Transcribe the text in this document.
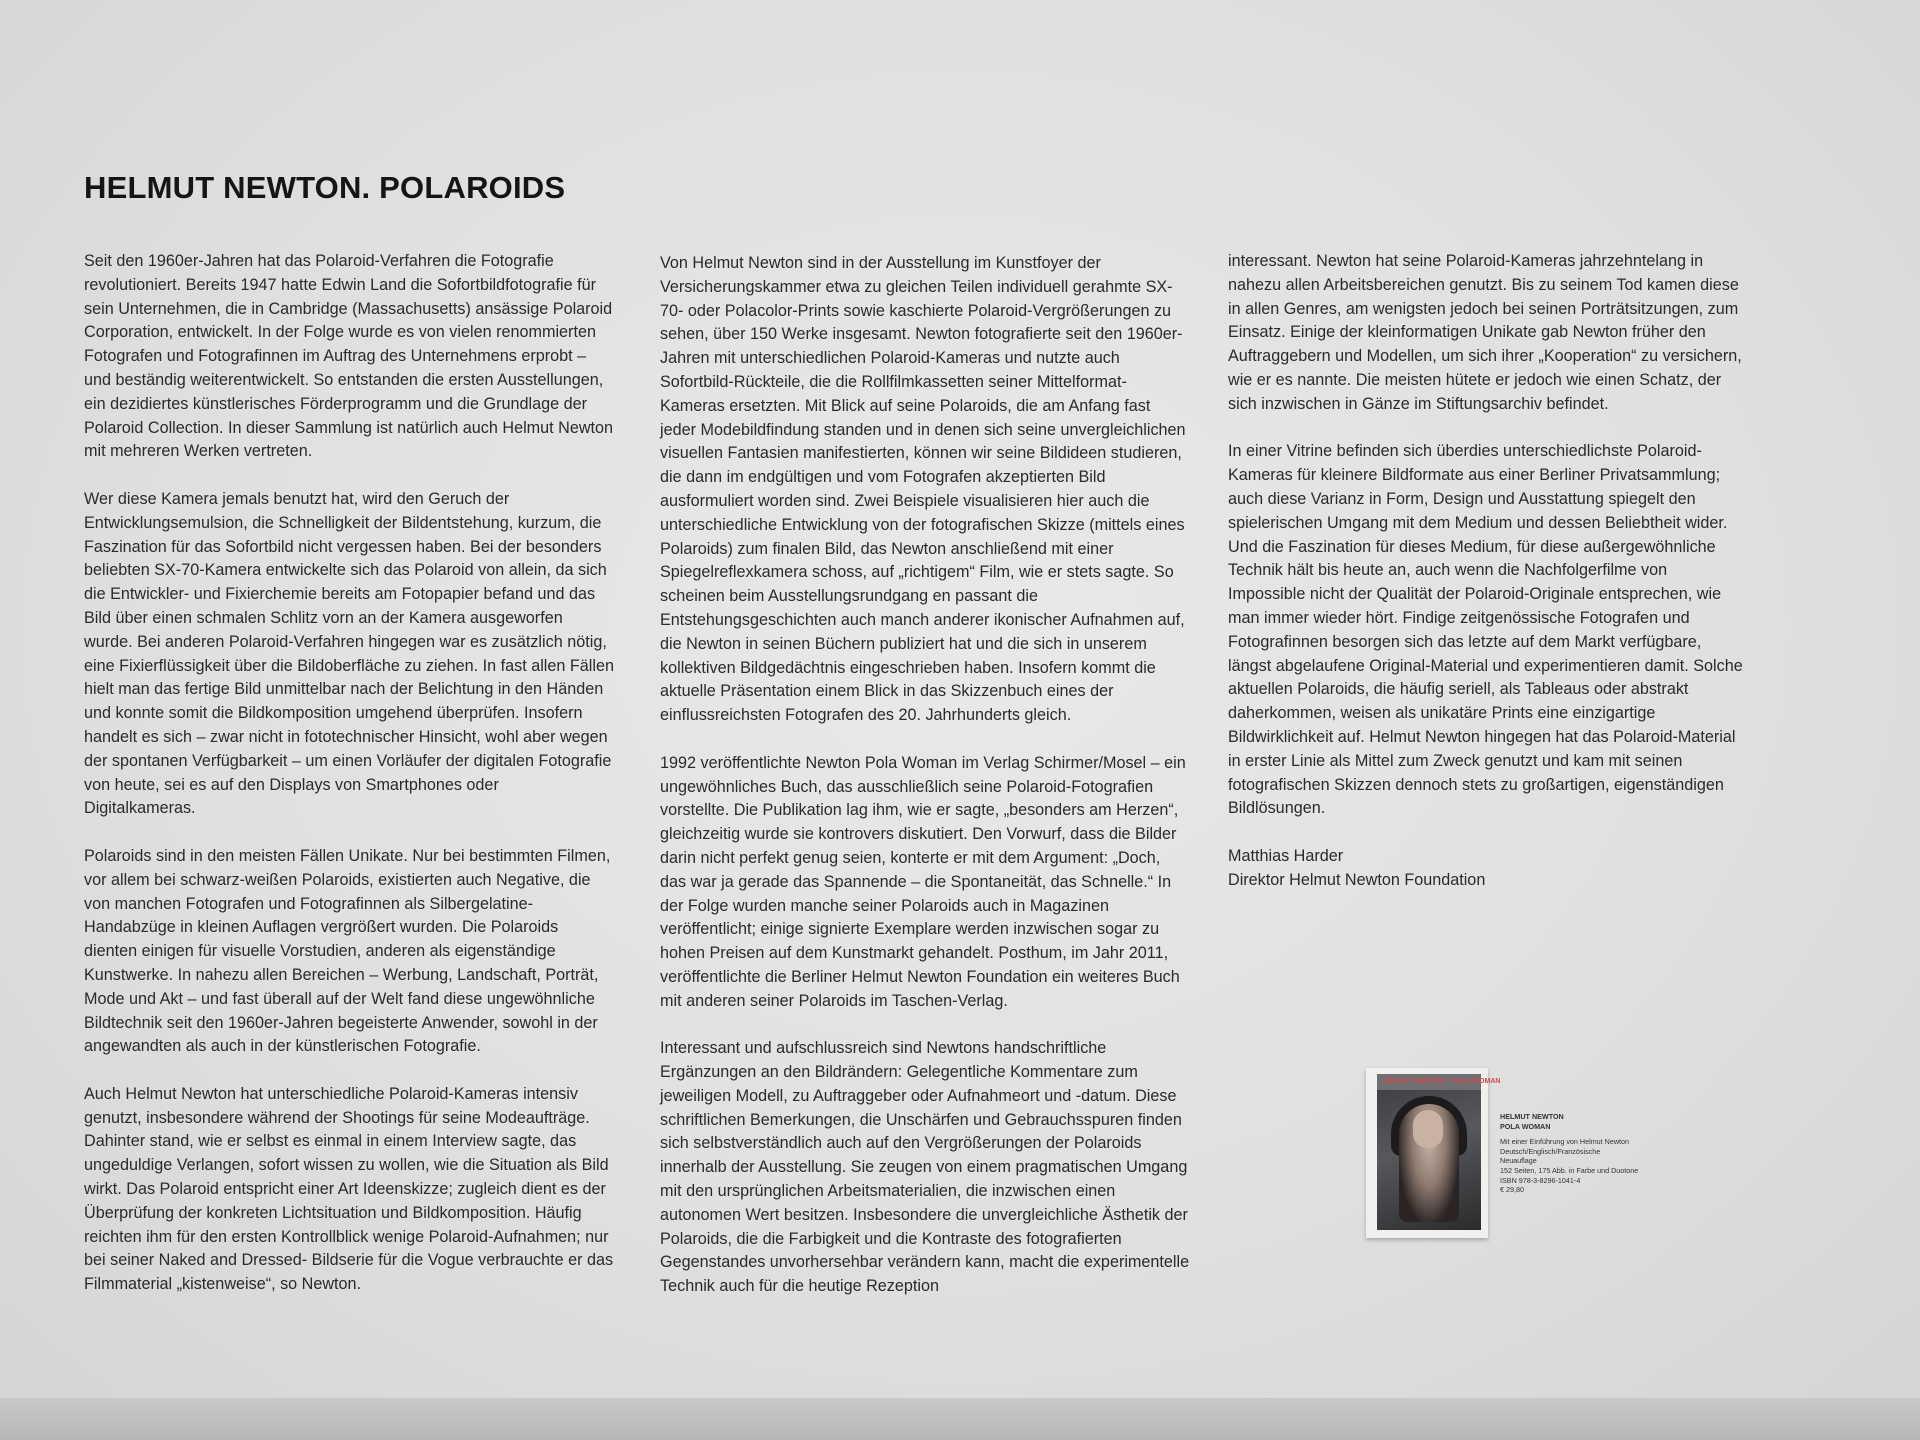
HELMUT NEWTON. POLAROIDS

Seit den 1960er-Jahren hat das Polaroid-Verfahren die Fotografie revolutioniert. Bereits 1947 hatte Edwin Land die Sofortbildfotografie für sein Unternehmen, die in Cambridge (Massachusetts) ansässige Polaroid Corporation, entwickelt. In der Folge wurde es von vielen renommierten Fotografen und Fotografinnen im Auftrag des Unternehmens erprobt – und beständig weiterentwickelt. So entstanden die ersten Ausstellungen, ein dezidiertes künstlerisches Förderprogramm und die Grundlage der Polaroid Collection. In dieser Sammlung ist natürlich auch Helmut Newton mit mehreren Werken vertreten.

Wer diese Kamera jemals benutzt hat, wird den Geruch der Entwicklungsemulsion, die Schnelligkeit der Bildentstehung, kurzum, die Faszination für das Sofortbild nicht vergessen haben. Bei der besonders beliebten SX-70-Kamera entwickelte sich das Polaroid von allein, da sich die Entwickler- und Fixierchemie bereits am Fotopapier befand und das Bild über einen schmalen Schlitz vorn an der Kamera ausgeworfen wurde. Bei anderen Polaroid-Verfahren hingegen war es zusätzlich nötig, eine Fixierflüssigkeit über die Bildoberfläche zu ziehen. In fast allen Fällen hielt man das fertige Bild unmittelbar nach der Belichtung in den Händen und konnte somit die Bildkomposition umgehend überprüfen. Insofern handelt es sich – zwar nicht in fototechnischer Hinsicht, wohl aber wegen der spontanen Verfügbarkeit – um einen Vorläufer der digitalen Fotografie von heute, sei es auf den Displays von Smartphones oder Digitalkameras.

Polaroids sind in den meisten Fällen Unikate. Nur bei bestimmten Filmen, vor allem bei schwarz-weißen Polaroids, existierten auch Negative, die von manchen Fotografen und Fotografinnen als Silbergelatine-Handabzüge in kleinen Auflagen vergrößert wurden. Die Polaroids dienten einigen für visuelle Vorstudien, anderen als eigenständige Kunstwerke. In nahezu allen Bereichen – Werbung, Landschaft, Porträt, Mode und Akt – und fast überall auf der Welt fand diese ungewöhnliche Bildtechnik seit den 1960er-Jahren begeisterte Anwender, sowohl in der angewandten als auch in der künstlerischen Fotografie.

Auch Helmut Newton hat unterschiedliche Polaroid-Kameras intensiv genutzt, insbesondere während der Shootings für seine Modeaufträge. Dahinter stand, wie er selbst es einmal in einem Interview sagte, das ungeduldige Verlangen, sofort wissen zu wollen, wie die Situation als Bild wirkt. Das Polaroid entspricht einer Art Ideenskizze; zugleich dient es der Überprüfung der konkreten Lichtsituation und Bildkomposition. Häufig reichten ihm für den ersten Kontrollblick wenige Polaroid-Aufnahmen; nur bei seiner Naked and Dressed- Bildserie für die Vogue verbrauchte er das Filmmaterial „kistenweise“, so Newton.

Von Helmut Newton sind in der Ausstellung im Kunstfoyer der Versicherungskammer etwa zu gleichen Teilen individuell gerahmte SX-70- oder Polacolor-Prints sowie kaschierte Polaroid-Vergrößerungen zu sehen, über 150 Werke insgesamt. Newton fotografierte seit den 1960er-Jahren mit unterschiedlichen Polaroid-Kameras und nutzte auch Sofortbild-Rückteile, die die Rollfilmkassetten seiner Mittelformat-Kameras ersetzten. Mit Blick auf seine Polaroids, die am Anfang fast jeder Modebildfindung standen und in denen sich seine unvergleichlichen visuellen Fantasien manifestierten, können wir seine Bildideen studieren, die dann im endgültigen und vom Fotografen akzeptierten Bild ausformuliert worden sind. Zwei Beispiele visualisieren hier auch die unterschiedliche Entwicklung von der fotografischen Skizze (mittels eines Polaroids) zum finalen Bild, das Newton anschließend mit einer Spiegelreflexkamera schoss, auf „richtigem“ Film, wie er stets sagte. So scheinen beim Ausstellungsrundgang en passant die Entstehungsgeschichten auch manch anderer ikonischer Aufnahmen auf, die Newton in seinen Büchern publiziert hat und die sich in unserem kollektiven Bildgedächtnis eingeschrieben haben. Insofern kommt die aktuelle Präsentation einem Blick in das Skizzenbuch eines der einflussreichsten Fotografen des 20. Jahrhunderts gleich.

1992 veröffentlichte Newton Pola Woman im Verlag Schirmer/Mosel – ein ungewöhnliches Buch, das ausschließlich seine Polaroid-Fotografien vorstellte. Die Publikation lag ihm, wie er sagte, „besonders am Herzen“, gleichzeitig wurde sie kontrovers diskutiert. Den Vorwurf, dass die Bilder darin nicht perfekt genug seien, konterte er mit dem Argument: „Doch, das war ja gerade das Spannende – die Spontaneität, das Schnelle.“ In der Folge wurden manche seiner Polaroids auch in Magazinen veröffentlicht; einige signierte Exemplare werden inzwischen sogar zu hohen Preisen auf dem Kunstmarkt gehandelt. Posthum, im Jahr 2011, veröffentlichte die Berliner Helmut Newton Foundation ein weiteres Buch mit anderen seiner Polaroids im Taschen-Verlag.

Interessant und aufschlussreich sind Newtons handschriftliche Ergänzungen an den Bildrändern: Gelegentliche Kommentare zum jeweiligen Modell, zu Auftraggeber oder Aufnahmeort und -datum. Diese schriftlichen Bemerkungen, die Unschärfen und Gebrauchsspuren finden sich selbstverständlich auch auf den Vergrößerungen der Polaroids innerhalb der Ausstellung. Sie zeugen von einem pragmatischen Umgang mit den ursprünglichen Arbeitsmaterialien, die inzwischen einen autonomen Wert besitzen. Insbesondere die unvergleichliche Ästhetik der Polaroids, die die Farbigkeit und die Kontraste des fotografierten Gegenstandes unvorhersehbar verändern kann, macht die experimentelle Technik auch für die heutige Rezeption

interessant. Newton hat seine Polaroid-Kameras jahrzehntelang in nahezu allen Arbeitsbereichen genutzt. Bis zu seinem Tod kamen diese in allen Genres, am wenigsten jedoch bei seinen Porträtsitzungen, zum Einsatz. Einige der kleinformatigen Unikate gab Newton früher den Auftraggebern und Modellen, um sich ihrer „Kooperation“ zu versichern, wie er es nannte. Die meisten hütete er jedoch wie einen Schatz, der sich inzwischen in Gänze im Stiftungsarchiv befindet.

In einer Vitrine befinden sich überdies unterschiedlichste Polaroid-Kameras für kleinere Bildformate aus einer Berliner Privatsammlung; auch diese Varianz in Form, Design und Ausstattung spiegelt den spielerischen Umgang mit dem Medium und dessen Beliebtheit wider. Und die Faszination für dieses Medium, für diese außergewöhnliche Technik hält bis heute an, auch wenn die Nachfolgerfilme von Impossible nicht der Qualität der Polaroid-Originale entsprechen, wie man immer wieder hört. Findige zeitgenössische Fotografen und Fotografinnen besorgen sich das letzte auf dem Markt verfügbare, längst abgelaufene Original-Material und experimentieren damit. Solche aktuellen Polaroids, die häufig seriell, als Tableaus oder abstrakt daherkommen, weisen als unikatäre Prints eine einzigartige Bildwirklichkeit auf. Helmut Newton hingegen hat das Polaroid-Material in erster Linie als Mittel zum Zweck genutzt und kam mit seinen fotografischen Skizzen dennoch stets zu großartigen, eigenständigen Bildlösungen.

Matthias Harder
Direktor Helmut Newton Foundation

HELMUT NEWTON · POLA WOMAN
HELMUT NEWTON
POLA WOMAN
Mit einer Einführung von Helmut Newton
Deutsch/Englisch/Französische
Neuauflage
152 Seiten, 175 Abb. in Farbe und Duotone
ISBN 978-3-8296-1041-4
€ 29,80
